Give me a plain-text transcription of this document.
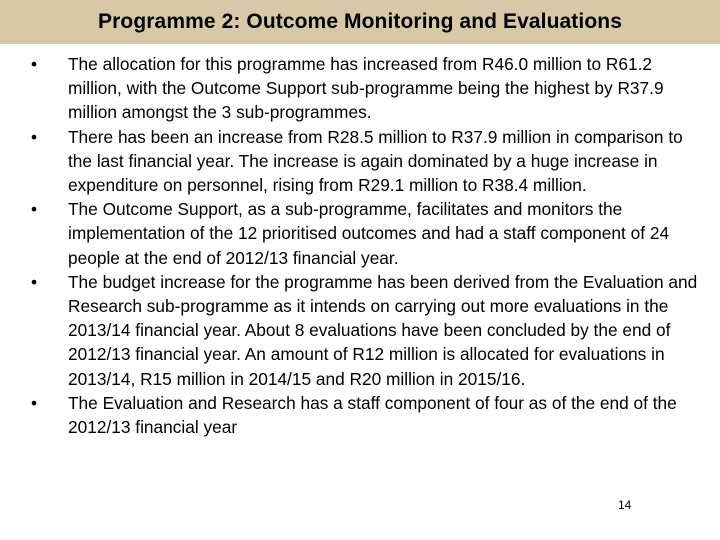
Programme 2: Outcome Monitoring and Evaluations
• The allocation for this programme has increased from R46.0 million to R61.2 million, with the Outcome Support sub-programme being the highest by R37.9 million amongst the 3 sub-programmes.
• There has been an increase from R28.5 million to R37.9 million in comparison to the last financial year. The increase is again dominated by a huge increase in expenditure on personnel, rising from R29.1 million to R38.4 million.
• The Outcome Support, as a sub-programme, facilitates and monitors the implementation of the 12 prioritised outcomes and had a staff component of 24 people at the end of 2012/13 financial year.
• The budget increase for the programme has been derived from the Evaluation and Research sub-programme as it intends on carrying out more evaluations in the 2013/14 financial year. About 8 evaluations have been concluded by the end of 2012/13 financial year. An amount of R12 million is allocated for evaluations in 2013/14, R15 million in 2014/15 and R20 million in 2015/16.
• The Evaluation and Research has a staff component of four as of the end of the 2012/13 financial year
14
